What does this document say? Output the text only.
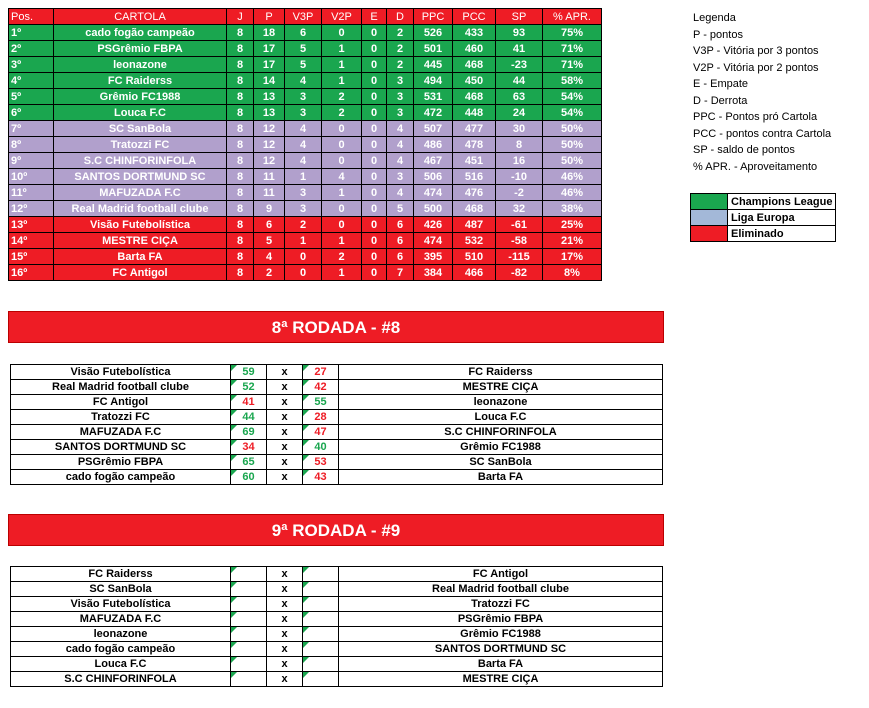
Pos.	CARTOLA	J	P	V3P	V2P	E	D	PPC	PCC	SP	% APR.
1º	cado fogão campeão	8	18	6	0	0	2	526	433	93	75%
2º	PSGrêmio FBPA	8	17	5	1	0	2	501	460	41	71%
3º	leonazone	8	17	5	1	0	2	445	468	-23	71%
4º	FC Raiderss	8	14	4	1	0	3	494	450	44	58%
5º	Grêmio FC1988	8	13	3	2	0	3	531	468	63	54%
6º	Louca F.C	8	13	3	2	0	3	472	448	24	54%
7º	SC SanBola	8	12	4	0	0	4	507	477	30	50%
8º	Tratozzi FC	8	12	4	0	0	4	486	478	8	50%
9º	S.C CHINFORINFOLA	8	12	4	0	0	4	467	451	16	50%
10º	SANTOS DORTMUND SC	8	11	1	4	0	3	506	516	-10	46%
11º	MAFUZADA F.C	8	11	3	1	0	4	474	476	-2	46%
12º	Real Madrid football clube	8	9	3	0	0	5	500	468	32	38%
13º	Visão Futebolística	8	6	2	0	0	6	426	487	-61	25%
14º	MESTRE CIÇA	8	5	1	1	0	6	474	532	-58	21%
15º	Barta FA	8	4	0	2	0	6	395	510	-115	17%
16º	FC Antigol	8	2	0	1	0	7	384	466	-82	8%
Legenda
P - pontos
V3P - Vitória por 3 pontos
V2P - Vitória por 2 pontos
E - Empate
D - Derrota
PPC - Pontos pró Cartola
PCC - pontos contra Cartola
SP - saldo de pontos
% APR. - Aproveitamento
	Champions League
	Liga Europa
	Eliminado
8ª RODADA - #8
Visão Futebolística	59	x	27	FC Raiderss
Real Madrid football clube	52	x	42	MESTRE CIÇA
FC Antigol	41	x	55	leonazone
Tratozzi FC	44	x	28	Louca F.C
MAFUZADA F.C	69	x	47	S.C CHINFORINFOLA
SANTOS DORTMUND SC	34	x	40	Grêmio FC1988
PSGrêmio FBPA	65	x	53	SC SanBola
cado fogão campeão	60	x	43	Barta FA
9ª RODADA - #9
FC Raiderss		x		FC Antigol
SC SanBola		x		Real Madrid football clube
Visão Futebolística		x		Tratozzi FC
MAFUZADA F.C		x		PSGrêmio FBPA
leonazone		x		Grêmio FC1988
cado fogão campeão		x		SANTOS DORTMUND SC
Louca F.C		x		Barta FA
S.C CHINFORINFOLA		x		MESTRE CIÇA
